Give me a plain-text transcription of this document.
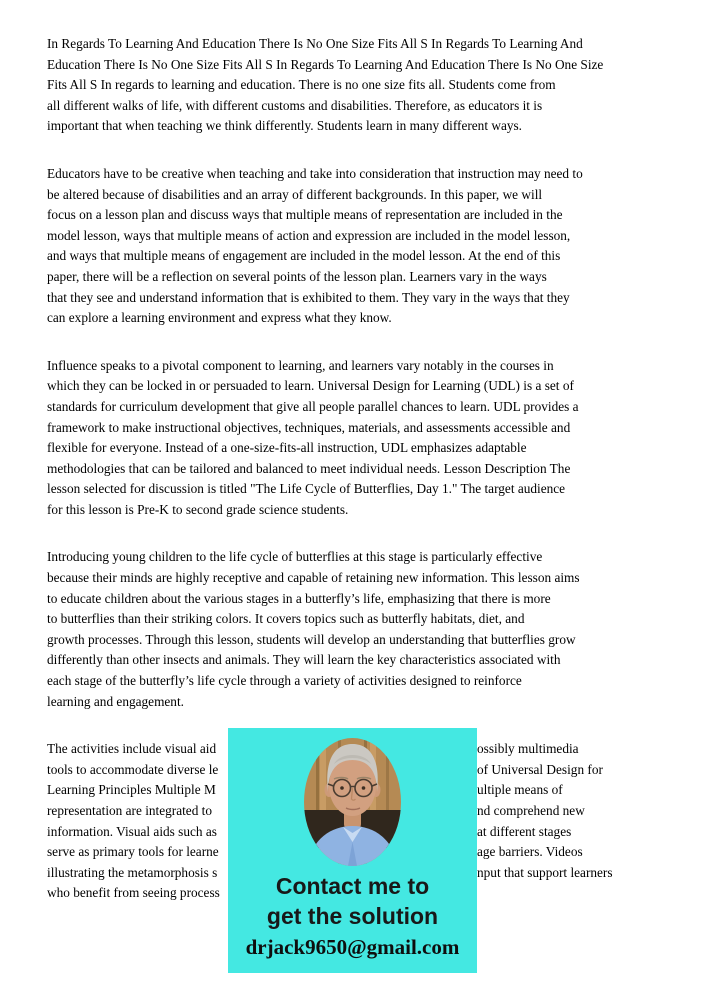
In Regards To Learning And Education There Is No One Size Fits All S In Regards To Learning And
Education There Is No One Size Fits All S In Regards To Learning And Education There Is No One Size
Fits All S In regards to learning and education. There is no one size fits all. Students come from
all different walks of life, with different customs and disabilities. Therefore, as educators it is
important that when teaching we think differently. Students learn in many different ways.
Educators have to be creative when teaching and take into consideration that instruction may need to
be altered because of disabilities and an array of different backgrounds. In this paper, we will
focus on a lesson plan and discuss ways that multiple means of representation are included in the
model lesson, ways that multiple means of action and expression are included in the model lesson,
and ways that multiple means of engagement are included in the model lesson. At the end of this
paper, there will be a reflection on several points of the lesson plan. Learners vary in the ways
that they see and understand information that is exhibited to them. They vary in the ways that they
can explore a learning environment and express what they know.
Influence speaks to a pivotal component to learning, and learners vary notably in the courses in
which they can be locked in or persuaded to learn. Universal Design for Learning (UDL) is a set of
standards for curriculum development that give all people parallel chances to learn. UDL provides a
framework to make instructional objectives, techniques, materials, and assessments accessible and
flexible for everyone. Instead of a one-size-fits-all instruction, UDL emphasizes adaptable
methodologies that can be tailored and balanced to meet individual needs. Lesson Description The
lesson selected for discussion is titled "The Life Cycle of Butterflies, Day 1." The target audience
for this lesson is Pre-K to second grade science students.
Introducing young children to the life cycle of butterflies at this stage is particularly effective
because their minds are highly receptive and capable of retaining new information. This lesson aims
to educate children about the various stages in a butterfly’s life, emphasizing that there is more
to butterflies than their striking colors. It covers topics such as butterfly habitats, diet, and
growth processes. Through this lesson, students will develop an understanding that butterflies grow
differently than other insects and animals. They will learn the key characteristics associated with
each stage of the butterfly’s life cycle through a variety of activities designed to reinforce
learning and engagement.
The activities include visual aid	ossibly multimedia
tools to accommodate diverse le	of Universal Design for
Learning Principles Multiple M	ultiple means of
representation are integrated to	nd comprehend new
information. Visual aids such as	at different stages
serve as primary tools for learne	age barriers. Videos
illustrating the metamorphosis s	nput that support learners
who benefit from seeing process	Contact me to
get the solution
drjack9650@gmail.com
